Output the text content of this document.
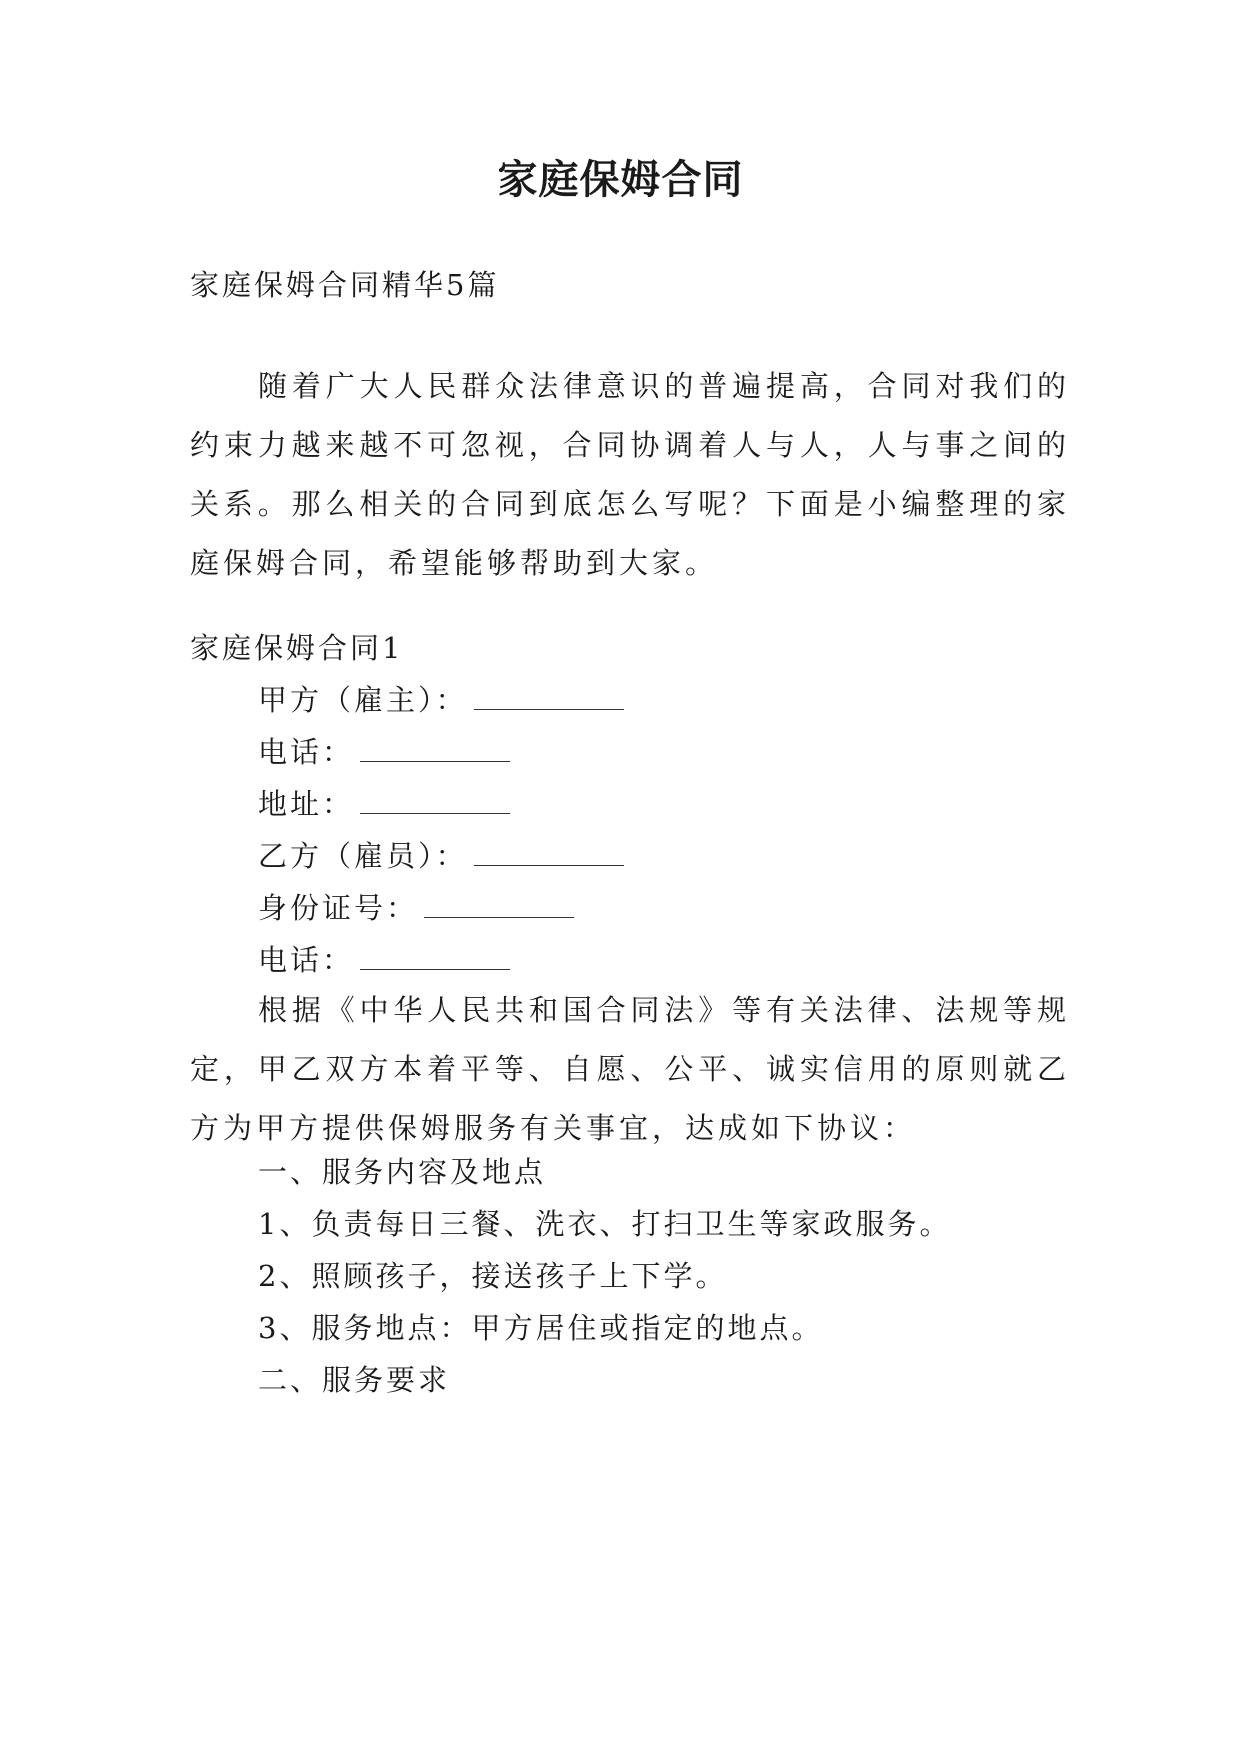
家庭保姆合同
家庭保姆合同精华5篇
随着广大人民群众法律意识的普遍提高，合同对我们的约束力越来越不可忽视，合同协调着人与人，人与事之间的关系。那么相关的合同到底怎么写呢？下面是小编整理的家庭保姆合同，希望能够帮助到大家。
家庭保姆合同1
甲方（雇主）：
电话：
地址：
乙方（雇员）：
身份证号：
电话：
根据《中华人民共和国合同法》等有关法律、法规等规定，甲乙双方本着平等、自愿、公平、诚实信用的原则就乙方为甲方提供保姆服务有关事宜，达成如下协议：
一、服务内容及地点
1、负责每日三餐、洗衣、打扫卫生等家政服务。
2、照顾孩子，接送孩子上下学。
3、服务地点：甲方居住或指定的地点。
二、服务要求
